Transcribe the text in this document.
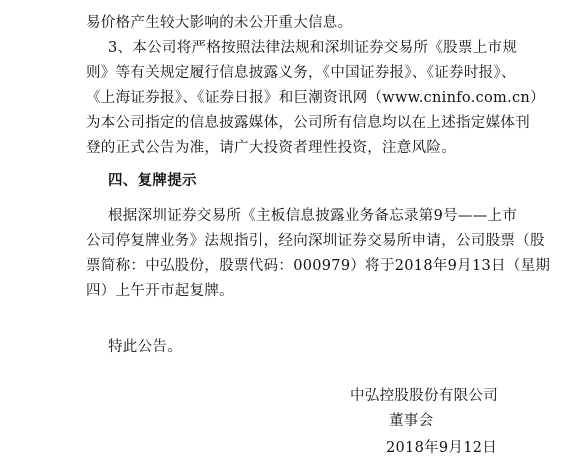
易价格产生较大影响的未公开重大信息。
3、本公司将严格按照法律法规和深圳证券交易所《股票上市规
则》等有关规定履行信息披露义务，《中国证券报》、《证券时报》、
《上海证券报》、《证券日报》和巨潮资讯网（www.cninfo.com.cn）
为本公司指定的信息披露媒体，公司所有信息均以在上述指定媒体刊
登的正式公告为准，请广大投资者理性投资，注意风险。
四、复牌提示
根据深圳证券交易所《主板信息披露业务备忘录第9号——上市
公司停复牌业务》法规指引，经向深圳证券交易所申请，公司股票（股
票简称：中弘股份，股票代码：000979）将于2018年9月13日（星期
四）上午开市起复牌。
特此公告。
中弘控股股份有限公司
董事会
2018年9月12日
